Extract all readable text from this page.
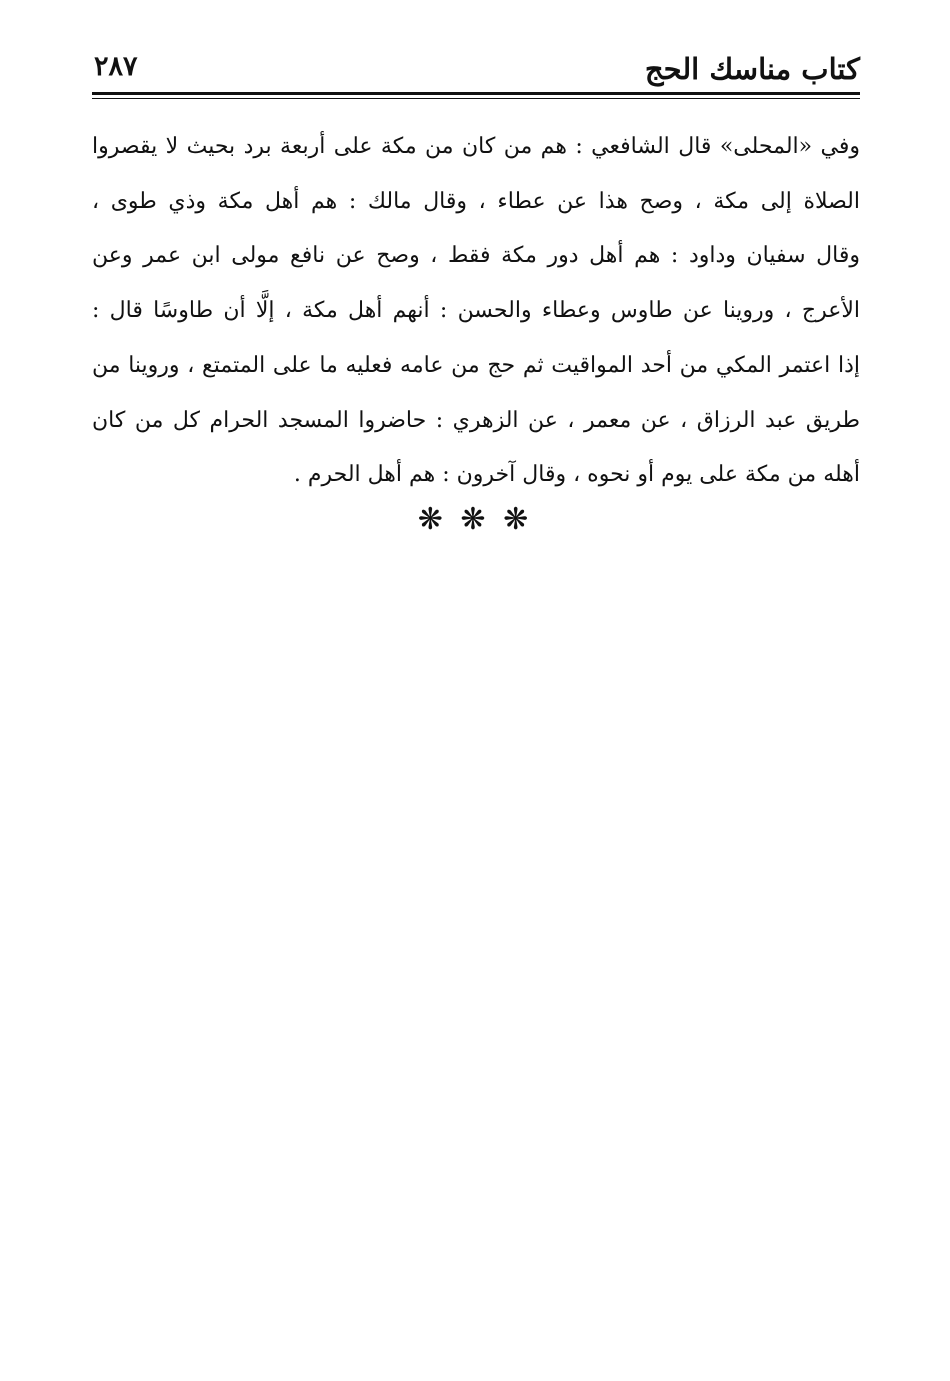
كتاب مناسك الحج
٢٨٧
وفي «المحلى» قال الشافعي : هم من كان من مكة على أربعة برد بحيث لا يقصروا
الصلاة إلى مكة ، وصح هذا عن عطاء ، وقال مالك : هم أهل مكة وذي طوى ،
وقال سفيان وداود : هم أهل دور مكة فقط ، وصح عن نافع مولى ابن عمر وعن
الأعرج ، وروينا عن طاوس وعطاء والحسن : أنهم أهل مكة ، إلَّا أن طاوسًا قال :
إذا اعتمر المكي من أحد المواقيت ثم حج من عامه فعليه ما على المتمتع ، وروينا من
طريق عبد الرزاق ، عن معمر ، عن الزهري : حاضروا المسجد الحرام كل من كان
أهله من مكة على يوم أو نحوه ، وقال آخرون : هم أهل الحرم .
❋ ❋ ❋
